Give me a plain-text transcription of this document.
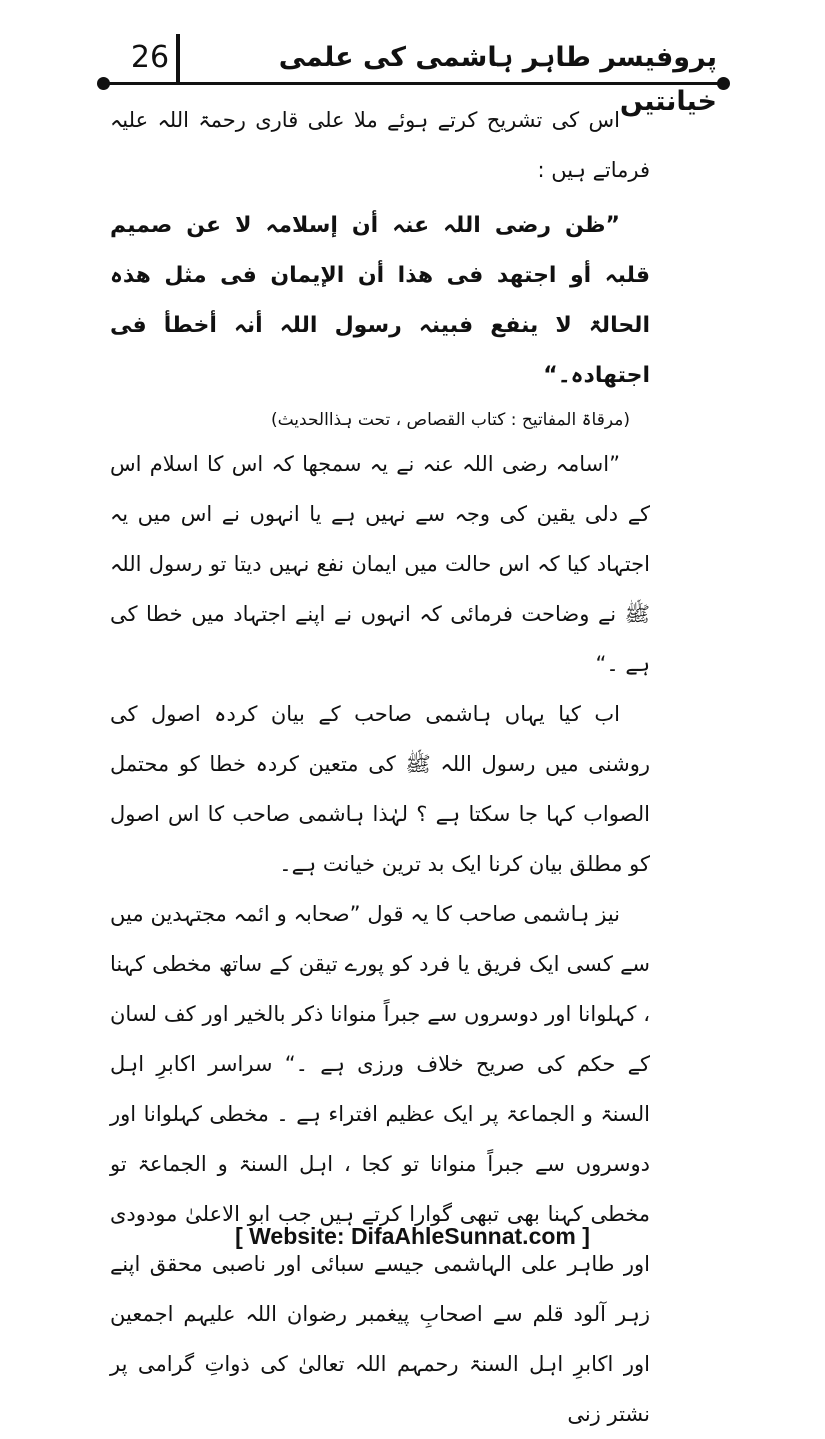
26	پروفیسر طاہر ہاشمی کی علمی خیانتیں

اس کی تشریح کرتے ہوئے ملا علی قاری رحمۃ اللہ علیہ فرماتے ہیں :

”ظن رضی اللہ عنہ أن إسلامہ لا عن صمیم قلبہ أو اجتھد فی ھذا أن الإیمان فی مثل ھذہ الحالۃ لا ینفع فبینہ رسول اللہ أنہ أخطأ فی اجتھادہ۔“

(مرقاۃ المفاتیح : کتاب القصاص ، تحت ہذاالحدیث)

”اسامہ رضی اللہ عنہ نے یہ سمجھا کہ اس کا اسلام اس کے دلی یقین کی وجہ سے نہیں ہے یا انہوں نے اس میں یہ اجتہاد کیا کہ اس حالت میں ایمان نفع نہیں دیتا تو رسول اللہ ﷺ نے وضاحت فرمائی کہ انہوں نے اپنے اجتہاد میں خطا کی ہے ۔“

اب کیا یہاں ہاشمی صاحب کے بیان کردہ اصول کی روشنی میں رسول اللہ ﷺ کی متعین کردہ خطا کو محتمل الصواب کہا جا سکتا ہے ؟ لہٰذا ہاشمی صاحب کا اس اصول کو مطلق بیان کرنا ایک بد ترین خیانت ہے۔

نیز ہاشمی صاحب کا یہ قول ”صحابہ و ائمہ مجتہدین میں سے کسی ایک فریق یا فرد کو پورے تیقن کے ساتھ مخطی کہنا ، کہلوانا اور دوسروں سے جبراً منوانا ذکر بالخیر اور کف لسان کے حکم کی صریح خلاف ورزی ہے ۔“ سراسر اکابرِ اہل السنۃ و الجماعۃ پر ایک عظیم افتراء ہے ۔ مخطی کہلوانا اور دوسروں سے جبراً منوانا تو کجا ، اہل السنۃ و الجماعۃ تو مخطی کہنا بھی تبھی گوارا کرتے ہیں جب ابو الاعلیٰ مودودی اور طاہر علی الہاشمی جیسے سبائی اور ناصبی محقق اپنے زہر آلود قلم سے اصحابِ پیغمبر رضوان اللہ علیہم اجمعین اور اکابرِ اہل السنۃ رحمہم اللہ تعالیٰ کی ذواتِ گرامی پر نشتر زنی

[ Website: DifaAhleSunnat.com ]
